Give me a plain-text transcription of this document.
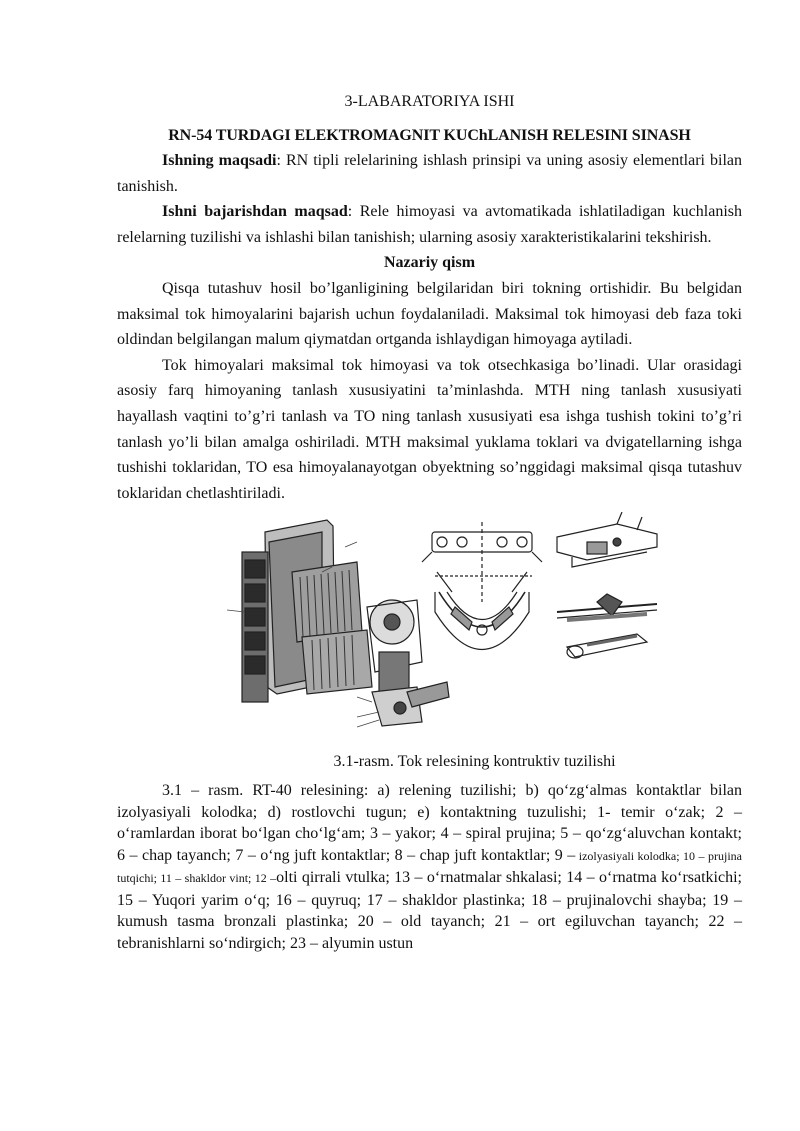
3-LABARATORIYA ISHI
RN-54 TURDAGI ELEKTROMAGNIT KUChLANISH RELESINI SINASH

Ishning maqsadi: RN tipli relelarining ishlash prinsipi va uning asosiy elementlari bilan tanishish.

Ishni bajarishdan maqsad: Rele himoyasi va avtomatikada ishlatiladigan kuchlanish relelarning tuzilishi va ishlashi bilan tanishish; ularning asosiy xarakteristikalarini tekshirish.

Nazariy qism

Qisqa tutashuv hosil bo’lganligining belgilaridan biri tokning ortishidir. Bu belgidan maksimal tok himoyalarini bajarish uchun foydalaniladi. Maksimal tok himoyasi deb faza toki oldindan belgilangan malum qiymatdan ortganda ishlaydigan himoyaga aytiladi.

Tok himoyalari maksimal tok himoyasi va tok otsechkasiga bo’linadi. Ular orasidagi asosiy farq himoyaning tanlash xususiyatini ta’minlashda. MTH ning tanlash xususiyati hayallash vaqtini to’g’ri tanlash va TO ning tanlash xususiyati esa ishga tushish tokini to’g’ri tanlash yo’li bilan amalga oshiriladi. MTH maksimal yuklama toklari va dvigatellarning ishga tushishi toklaridan, TO esa himoyalanayotgan obyektning so’nggidagi maksimal qisqa tutashuv toklaridan chetlashtiriladi.

3.1-rasm. Tok relesining kontruktiv tuzilishi
3.1 – rasm. RT-40 relesining: a) relening tuzilishi; b) qo‘zg‘almas kontaktlar bilan izolyasiyali kolodka; d) rostlovchi tugun; e) kontaktning tuzulishi; 1- temir o‘zak; 2 – o‘ramlardan iborat bo‘lgan cho‘lg‘am; 3 – yakor; 4 – spiral prujina; 5 – qo‘zg‘aluvchan kontakt; 6 – chap tayanch; 7 – o‘ng juft kontaktlar; 8 – chap juft kontaktlar; 9 – izolyasiyali kolodka; 10 – prujina tutqichi; 11 – shakldor vint; 12 –olti qirrali vtulka; 13 – o‘rnatmalar shkalasi; 14 – o‘rnatma ko‘rsatkichi; 15 – Yuqori yarim o‘q; 16 – quyruq; 17 – shakldor plastinka; 18 – prujinalovchi shayba; 19 – kumush tasma bronzali plastinka; 20 – old tayanch; 21 – ort egiluvchan tayanch; 22 – tebranishlarni so‘ndirgich; 23 – alyumin ustun
